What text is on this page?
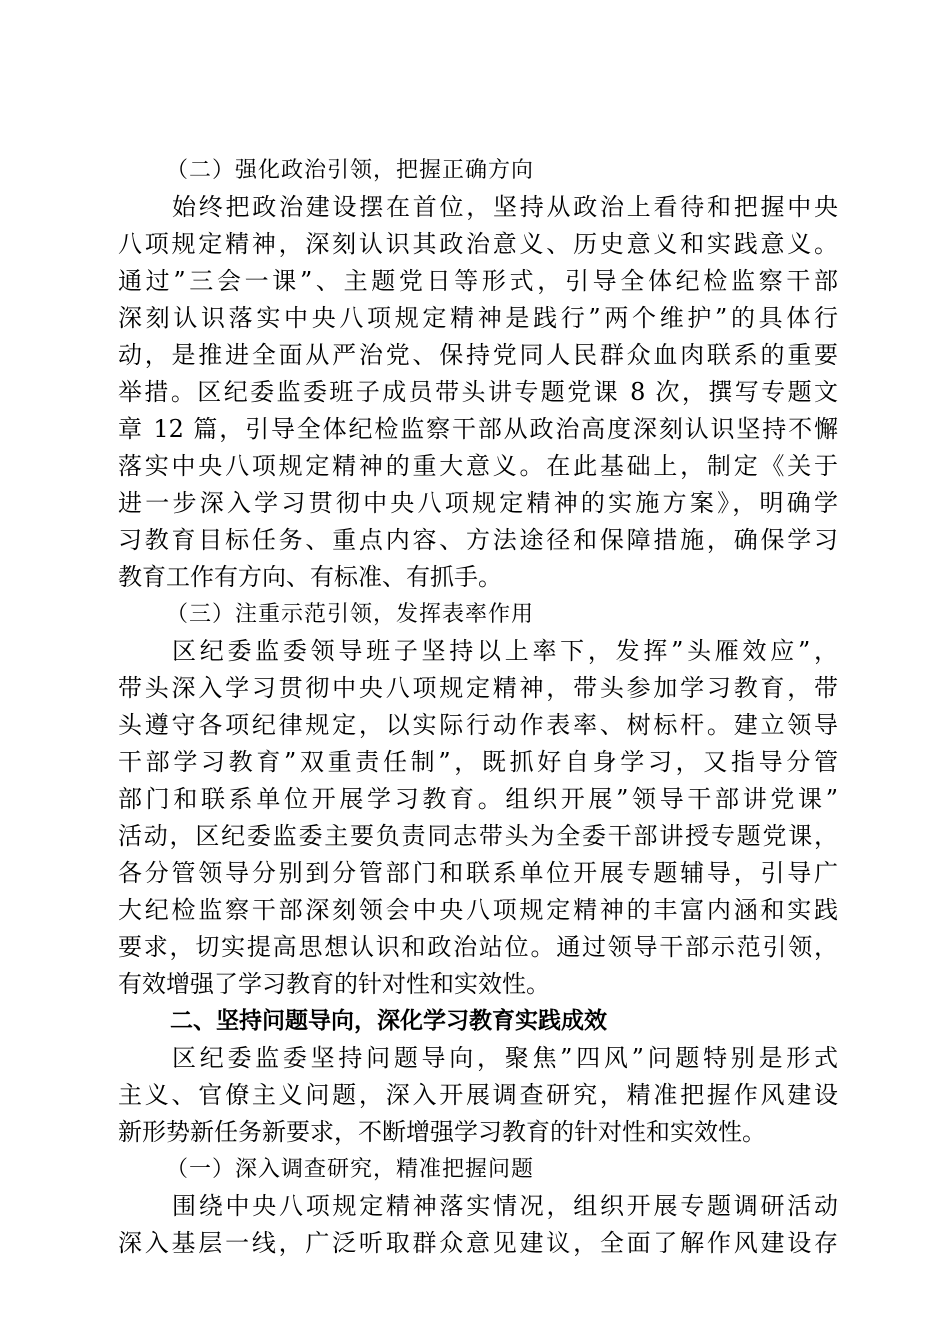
（二）强化政治引领，把握正确方向
始终把政治建设摆在首位，坚持从政治上看待和把握中央
八项规定精神，深刻认识其政治意义、历史意义和实践意义。
通过”三会一课”、主题党日等形式，引导全体纪检监察干部
深刻认识落实中央八项规定精神是践行”两个维护”的具体行
动，是推进全面从严治党、保持党同人民群众血肉联系的重要
举措。区纪委监委班子成员带头讲专题党课 8 次，撰写专题文
章 12 篇，引导全体纪检监察干部从政治高度深刻认识坚持不懈
落实中央八项规定精神的重大意义。在此基础上，制定《关于
进一步深入学习贯彻中央八项规定精神的实施方案》，明确学
习教育目标任务、重点内容、方法途径和保障措施，确保学习
教育工作有方向、有标准、有抓手。
（三）注重示范引领，发挥表率作用
区纪委监委领导班子坚持以上率下，发挥”头雁效应”，
带头深入学习贯彻中央八项规定精神，带头参加学习教育，带
头遵守各项纪律规定，以实际行动作表率、树标杆。建立领导
干部学习教育”双重责任制”，既抓好自身学习，又指导分管
部门和联系单位开展学习教育。组织开展”领导干部讲党课”
活动，区纪委监委主要负责同志带头为全委干部讲授专题党课，
各分管领导分别到分管部门和联系单位开展专题辅导，引导广
大纪检监察干部深刻领会中央八项规定精神的丰富内涵和实践
要求，切实提高思想认识和政治站位。通过领导干部示范引领，
有效增强了学习教育的针对性和实效性。
二、坚持问题导向，深化学习教育实践成效
区纪委监委坚持问题导向，聚焦”四风”问题特别是形式
主义、官僚主义问题，深入开展调查研究，精准把握作风建设
新形势新任务新要求，不断增强学习教育的针对性和实效性。
（一）深入调查研究，精准把握问题
围绕中央八项规定精神落实情况，组织开展专题调研活动
深入基层一线，广泛听取群众意见建议，全面了解作风建设存
